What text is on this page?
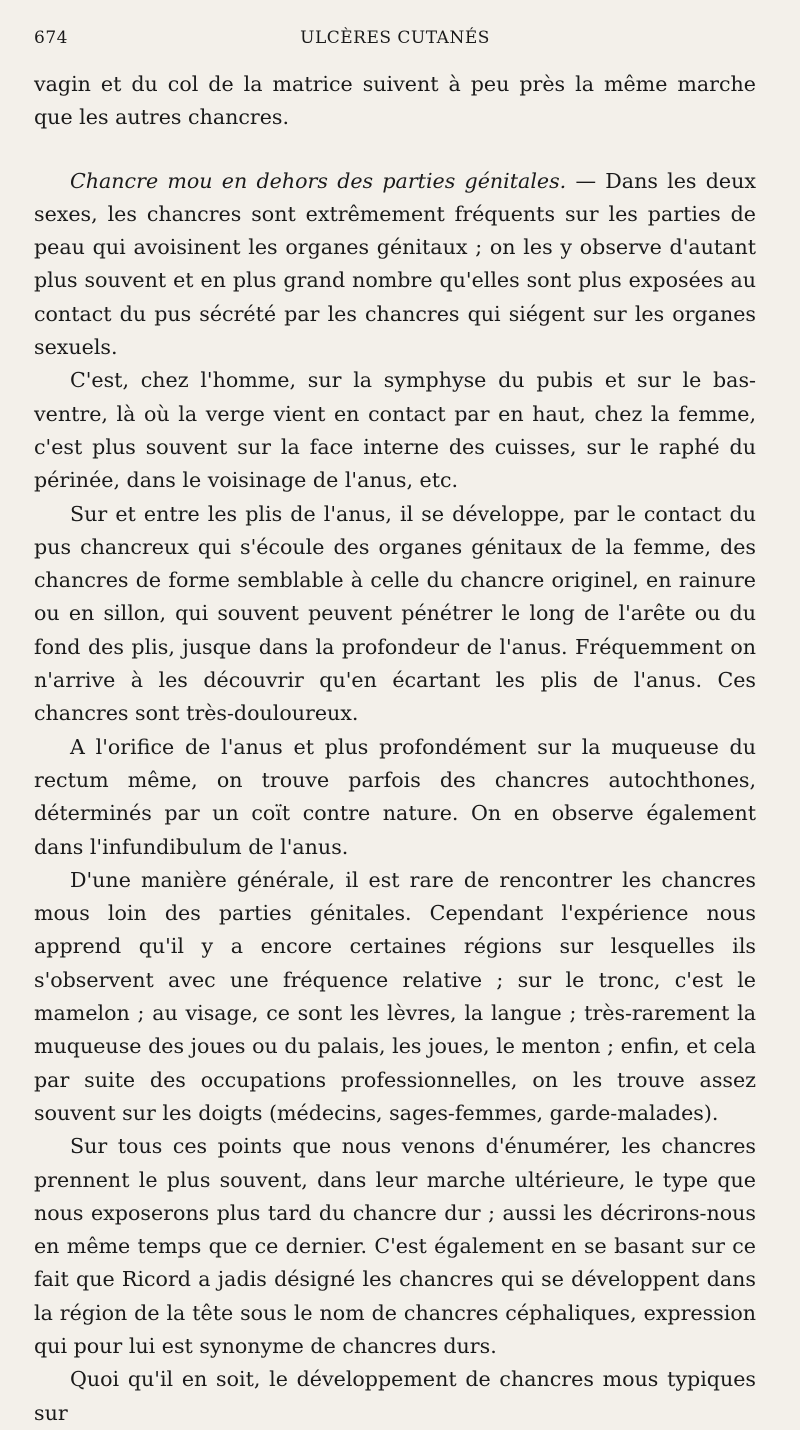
674	ULCÈRES CUTANÉS

vagin et du col de la matrice suivent à peu près la même marche que les autres chancres.

Chancre mou en dehors des parties génitales. — Dans les deux sexes, les chancres sont extrêmement fréquents sur les parties de peau qui avoisinent les organes génitaux ; on les y observe d'autant plus souvent et en plus grand nombre qu'elles sont plus exposées au contact du pus sécrété par les chancres qui siégent sur les organes sexuels.

C'est, chez l'homme, sur la symphyse du pubis et sur le bas-ventre, là où la verge vient en contact par en haut, chez la femme, c'est plus souvent sur la face interne des cuisses, sur le raphé du périnée, dans le voisinage de l'anus, etc.

Sur et entre les plis de l'anus, il se développe, par le contact du pus chancreux qui s'écoule des organes génitaux de la femme, des chancres de forme semblable à celle du chancre originel, en rainure ou en sillon, qui souvent peuvent pénétrer le long de l'arête ou du fond des plis, jusque dans la profondeur de l'anus. Fréquemment on n'arrive à les découvrir qu'en écartant les plis de l'anus. Ces chancres sont très-douloureux.

A l'orifice de l'anus et plus profondément sur la muqueuse du rectum même, on trouve parfois des chancres autochthones, déterminés par un coït contre nature. On en observe également dans l'infundibulum de l'anus.

D'une manière générale, il est rare de rencontrer les chancres mous loin des parties génitales. Cependant l'expérience nous apprend qu'il y a encore certaines régions sur lesquelles ils s'observent avec une fréquence relative ; sur le tronc, c'est le mamelon ; au visage, ce sont les lèvres, la langue ; très-rarement la muqueuse des joues ou du palais, les joues, le menton ; enfin, et cela par suite des occupations professionnelles, on les trouve assez souvent sur les doigts (médecins, sages-femmes, garde-malades).

Sur tous ces points que nous venons d'énumérer, les chancres prennent le plus souvent, dans leur marche ultérieure, le type que nous exposerons plus tard du chancre dur ; aussi les décrirons-nous en même temps que ce dernier. C'est également en se basant sur ce fait que Ricord a jadis désigné les chancres qui se développent dans la région de la tête sous le nom de chancres céphaliques, expression qui pour lui est synonyme de chancres durs.

Quoi qu'il en soit, le développement de chancres mous typiques sur
